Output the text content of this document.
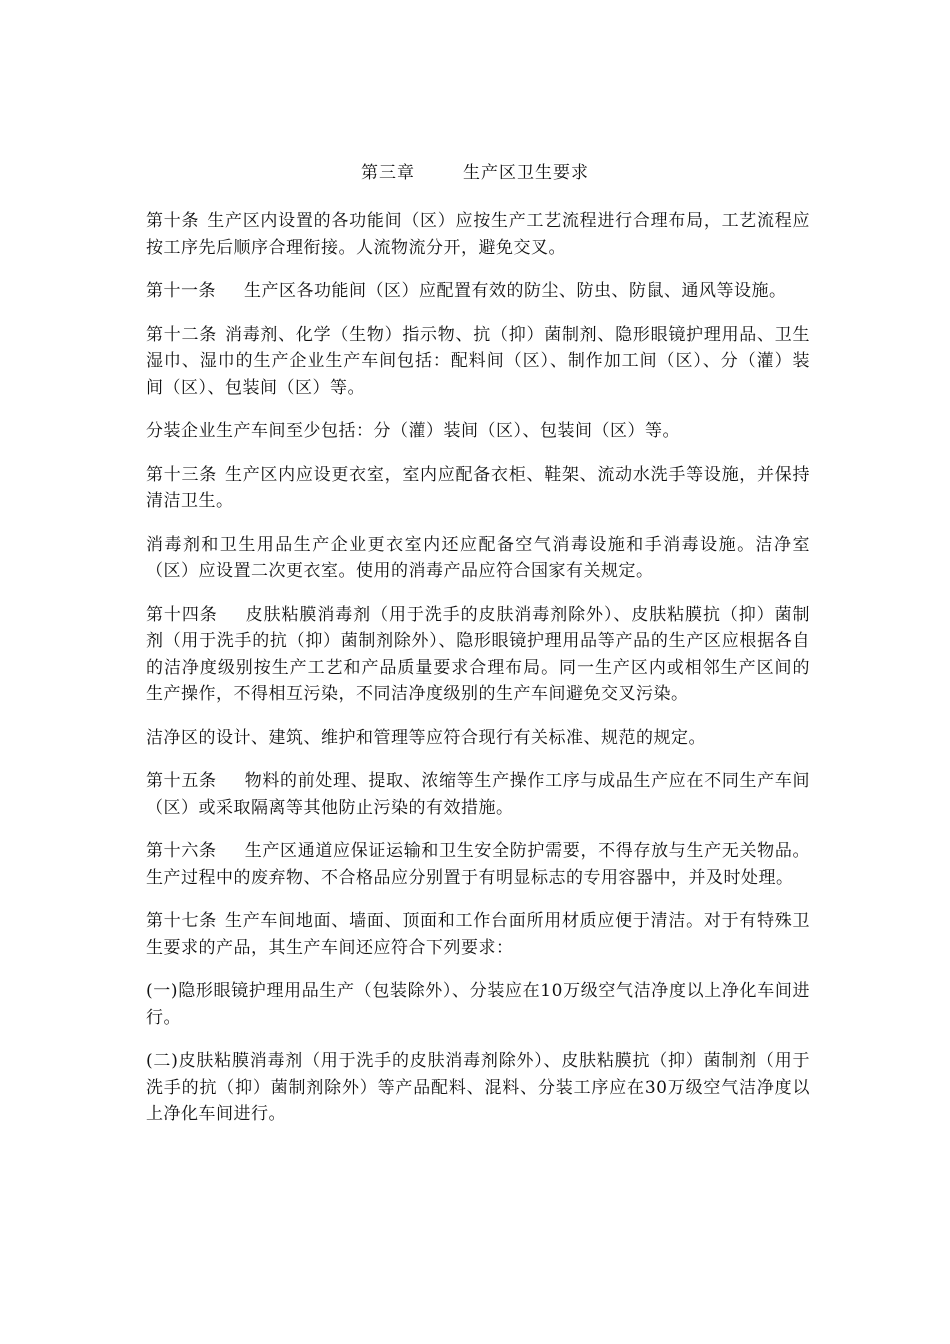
第三章	生产区卫生要求

第十条 生产区内设置的各功能间（区）应按生产工艺流程进行合理布局，工艺流程应按工序先后顺序合理衔接。人流物流分开，避免交叉。

第十一条 生产区各功能间（区）应配置有效的防尘、防虫、防鼠、通风等设施。

第十二条 消毒剂、化学（生物）指示物、抗（抑）菌制剂、隐形眼镜护理用品、卫生湿巾、湿巾的生产企业生产车间包括：配料间（区）、制作加工间（区）、分（灌）装间（区）、包装间（区）等。

分装企业生产车间至少包括：分（灌）装间（区）、包装间（区）等。

第十三条 生产区内应设更衣室，室内应配备衣柜、鞋架、流动水洗手等设施，并保持清洁卫生。

消毒剂和卫生用品生产企业更衣室内还应配备空气消毒设施和手消毒设施。洁净室（区）应设置二次更衣室。使用的消毒产品应符合国家有关规定。

第十四条 皮肤粘膜消毒剂（用于洗手的皮肤消毒剂除外）、皮肤粘膜抗（抑）菌制剂（用于洗手的抗（抑）菌制剂除外）、隐形眼镜护理用品等产品的生产区应根据各自的洁净度级别按生产工艺和产品质量要求合理布局。同一生产区内或相邻生产区间的生产操作，不得相互污染，不同洁净度级别的生产车间避免交叉污染。

洁净区的设计、建筑、维护和管理等应符合现行有关标准、规范的规定。

第十五条 物料的前处理、提取、浓缩等生产操作工序与成品生产应在不同生产车间（区）或采取隔离等其他防止污染的有效措施。

第十六条 生产区通道应保证运输和卫生安全防护需要，不得存放与生产无关物品。生产过程中的废弃物、不合格品应分别置于有明显标志的专用容器中，并及时处理。

第十七条 生产车间地面、墙面、顶面和工作台面所用材质应便于清洁。对于有特殊卫生要求的产品，其生产车间还应符合下列要求：

(一)隐形眼镜护理用品生产（包装除外）、分装应在10万级空气洁净度以上净化车间进行。

(二)皮肤粘膜消毒剂（用于洗手的皮肤消毒剂除外）、皮肤粘膜抗（抑）菌制剂（用于洗手的抗（抑）菌制剂除外）等产品配料、混料、分装工序应在30万级空气洁净度以上净化车间进行。
